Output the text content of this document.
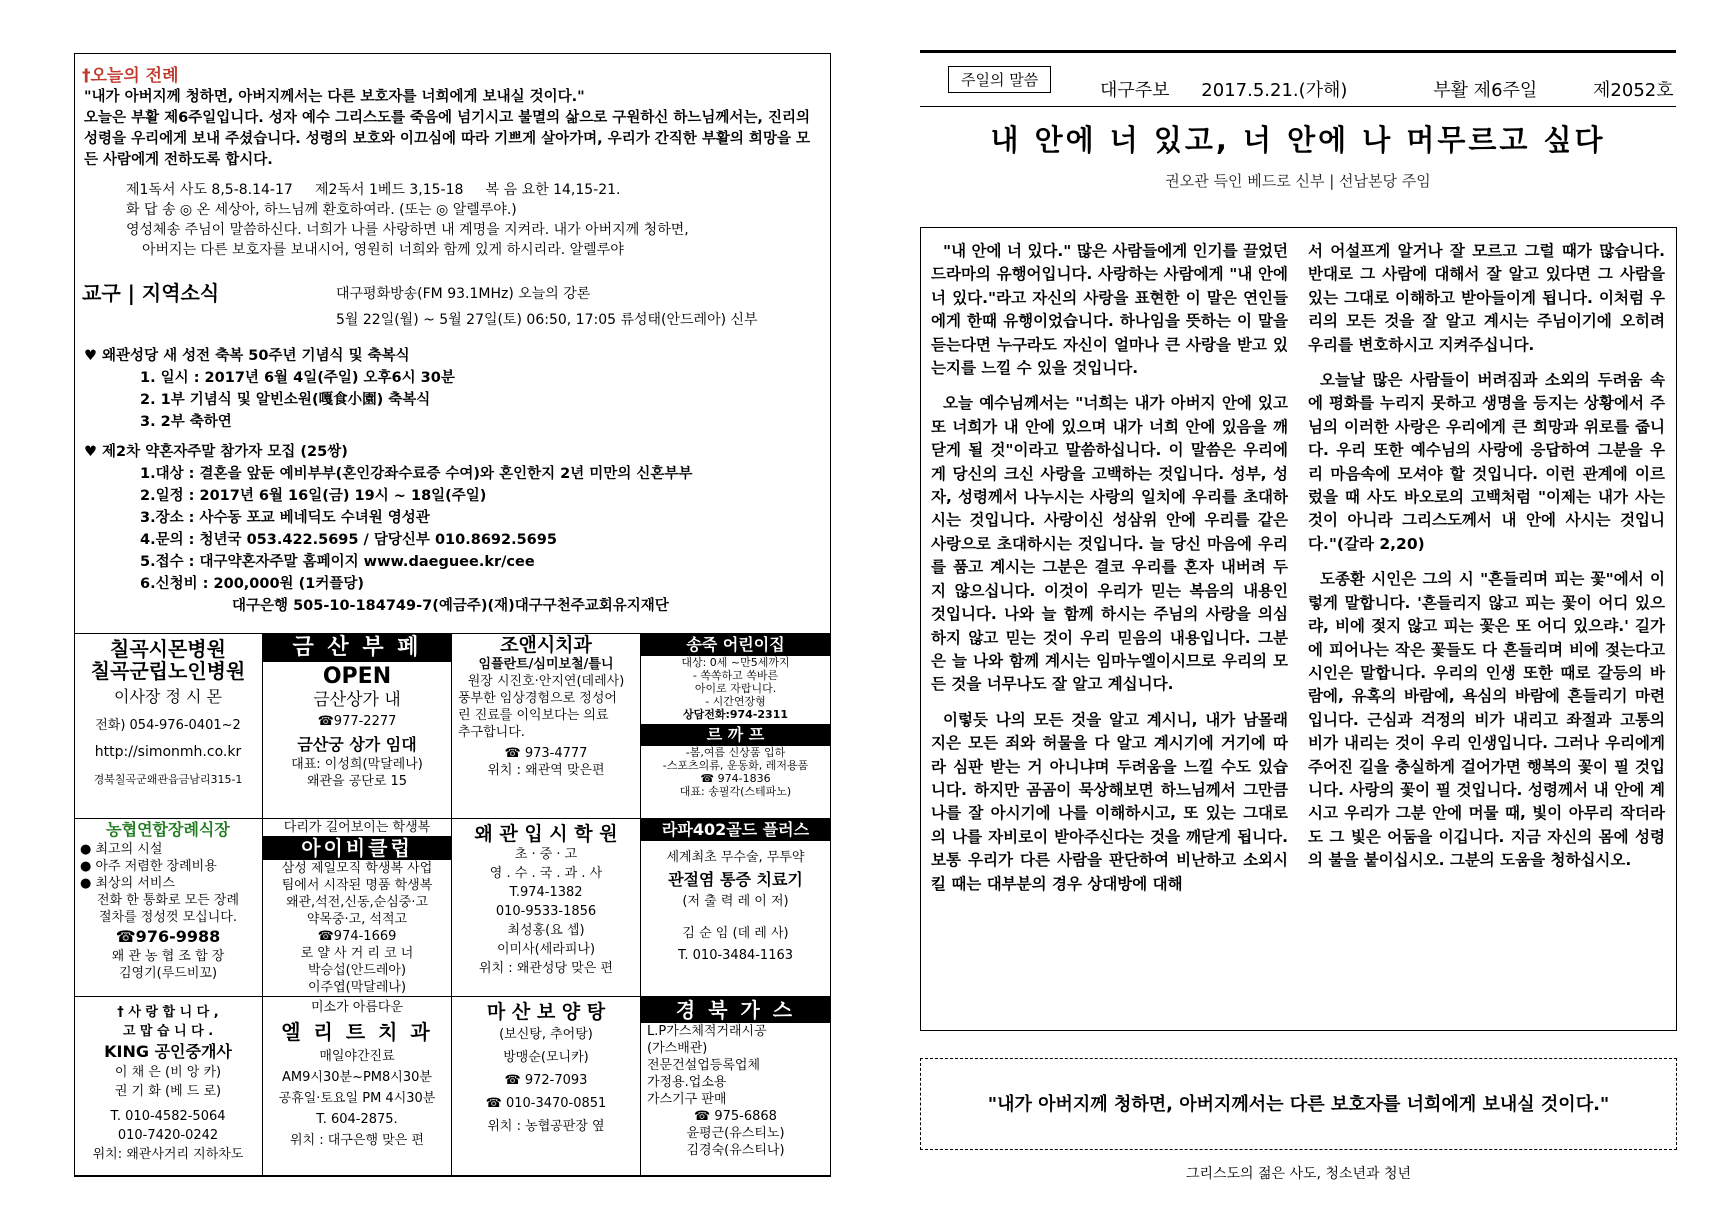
†오늘의 전례
"내가 아버지께 청하면, 아버지께서는 다른 보호자를 너희에게 보내실 것이다."
오늘은 부활 제6주일입니다. 성자 예수 그리스도를 죽음에 넘기시고 불멸의 삶으로 구원하신 하느님께서는, 진리의 성령을 우리에게 보내 주셨습니다. 성령의 보호와 이끄심에 따라 기쁘게 살아가며, 우리가 간직한 부활의 희망을 모든 사람에게 전하도록 합시다.
제1독서 사도 8,5-8.14-17     제2독서 1베드 3,15-18     복 음 요한 14,15-21.
화 답 송 ◎ 온 세상아, 하느님께 환호하여라. (또는 ◎ 알렐루야.)
영성체송 주님이 말씀하신다. 너희가 나를 사랑하면 내 계명을 지켜라. 내가 아버지께 청하면,
아버지는 다른 보호자를 보내시어, 영원히 너희와 함께 있게 하시리라. 알렐루야
교구 | 지역소식	대구평화방송(FM 93.1MHz) 오늘의 강론
5월 22일(월) ~ 5월 27일(토) 06:50, 17:05 류성태(안드레아) 신부
♥ 왜관성당 새 성전 축복 50주년 기념식 및 축복식
1. 일시 : 2017년 6월 4일(주일) 오후6시 30분
2. 1부 기념식 및 알빈소원(嘎食小園) 축복식
3. 2부 축하연
♥ 제2차 약혼자주말 참가자 모집 (25쌍)
1.대상 : 결혼을 앞둔 예비부부(혼인강좌수료증 수여)와 혼인한지 2년 미만의 신혼부부
2.일정 : 2017년 6월 16일(금) 19시 ~ 18일(주일)
3.장소 : 사수동 포교 베네딕도 수녀원 영성관
4.문의 : 청년국 053.422.5695 / 담당신부 010.8692.5695
5.접수 : 대구약혼자주말 홈페이지 www.daeguee.kr/cee
6.신청비 : 200,000원 (1커플당)
대구은행 505-10-184749-7(예금주)(재)대구구천주교회유지재단
칠곡시몬병원
칠곡군립노인병원
이사장 정 시 몬
전화) 054-976-0401~2
http://simonmh.co.kr
경북칠곡군왜관읍금남리315-1
금 산 부 페
OPEN
금산상가 내
☎977-2277
금산궁 상가 임대
대표: 이성희(막달레나)
왜관을 공단로 15
조앤시치과
임플란트/심미보철/틀니
원장 시진호·안지연(데레사)
풍부한 임상경험으로 정성어
린 진료를 이익보다는 의료
추구합니다.
☎ 973-4777
위치 : 왜관역 맞은편
송죽 어린이집
대상: 0세 ~만5세까지
- 쏙쏙하고 쏙바른
아이로 자랍니다.
- 시간연장형
상담전화:974-2311
르 까 프
-봄,여름 신상품 입하
-스포츠의류, 운동화, 레저용품
☎ 974-1836
대표: 송필각(스테파노)
농협연합장례식장
● 최고의 시설
● 아주 저렴한 장례비용
● 최상의 서비스
전화 한 통화로 모든 장례
절차를 정성껏 모십니다.
☎976-9988
왜 관 농 협 조 합 장
김영기(루드비꼬)
다리가 길어보이는 학생복
아이비클럽
삼성 제일모직 학생복 사업
팀에서 시작된 명품 학생복
왜관,석전,신동,순심중·고
약목중·고, 석적고
☎974-1669
로 얄 사 거 리 코 너
박승섭(안드레아)
이주엽(막달레나)
왜 관 입 시 학 원
초 · 중 · 고
영 . 수 . 국 . 과 . 사
T.974-1382
010-9533-1856
최성홍(요 셉)
이미사(세라피나)
위치 : 왜관성당 맞은 편
라파402골드 플러스
세계최초 무수술, 무투약
관절염 통증 치료기
(저 출 력 레 이 저)
김 순 임 (데 레 사)
T. 010-3484-1163
† 사 랑 합 니 다 ,
고 맙 습 니 다 .
KING 공인중개사
이 채 은 (비 앙 카)
권 기 화 (베 드 로)
T. 010-4582-5064
010-7420-0242
위치: 왜관사거리 지하차도
미소가 아름다운
엘 리 트 치 과
매일야간진료
AM9시30분~PM8시30분
공휴일·토요일 PM 4시30분
T. 604-2875.
위치 : 대구은행 맞은 편
마 산 보 양 탕
(보신탕, 추어탕)
방맹순(모니카)
☎ 972-7093
☎ 010-3470-0851
위치 : 농협공판장 옆
경 북 가 스
L.P가스체적거래시공
(가스배관)
전문건설업등록업체
가정용.업소용
가스기구 판매
☎ 975-6868
윤평근(유스티노)
김경숙(유스티나)
주일의 말씀	대구주보 2017.5.21.(가해)	부활 제6주일	제2052호
내 안에 너 있고, 너 안에 나 머무르고 싶다
권오관 득인 베드로 신부 | 선남본당 주임

"내 안에 너 있다." 많은 사람들에게 인기를 끌었던 드라마의 유행어입니다. 사랑하는 사람에게 "내 안에 너 있다."라고 자신의 사랑을 표현한 이 말은 연인들에게 한때 유행이었습니다. 하나임을 뜻하는 이 말을 듣는다면 누구라도 자신이 얼마나 큰 사랑을 받고 있는지를 느낄 수 있을 것입니다.

오늘 예수님께서는 "너희는 내가 아버지 안에 있고 또 너희가 내 안에 있으며 내가 너희 안에 있음을 깨닫게 될 것"이라고 말씀하십니다. 이 말씀은 우리에게 당신의 크신 사랑을 고백하는 것입니다. 성부, 성자, 성령께서 나누시는 사랑의 일치에 우리를 초대하시는 것입니다. 사랑이신 성삼위 안에 우리를 같은 사랑으로 초대하시는 것입니다. 늘 당신 마음에 우리를 품고 계시는 그분은 결코 우리를 혼자 내버려 두지 않으십니다. 이것이 우리가 믿는 복음의 내용인 것입니다. 나와 늘 함께 하시는 주님의 사랑을 의심하지 않고 믿는 것이 우리 믿음의 내용입니다. 그분은 늘 나와 함께 계시는 임마누엘이시므로 우리의 모든 것을 너무나도 잘 알고 계십니다.

이렇듯 나의 모든 것을 알고 계시니, 내가 남몰래 지은 모든 죄와 허물을 다 알고 계시기에 거기에 따라 심판 받는 거 아니냐며 두려움을 느낄 수도 있습니다. 하지만 곰곰이 묵상해보면 하느님께서 그만큼 나를 잘 아시기에 나를 이해하시고, 또 있는 그대로의 나를 자비로이 받아주신다는 것을 깨닫게 됩니다. 보통 우리가 다른 사람을 판단하여 비난하고 소외시킬 때는 대부분의 경우 상대방에 대해

서 어설프게 알거나 잘 모르고 그럴 때가 많습니다. 반대로 그 사람에 대해서 잘 알고 있다면 그 사람을 있는 그대로 이해하고 받아들이게 됩니다. 이처럼 우리의 모든 것을 잘 알고 계시는 주님이기에 오히려 우리를 변호하시고 지켜주십니다.

오늘날 많은 사람들이 버려짐과 소외의 두려움 속에 평화를 누리지 못하고 생명을 등지는 상황에서 주님의 이러한 사랑은 우리에게 큰 희망과 위로를 줍니다. 우리 또한 예수님의 사랑에 응답하여 그분을 우리 마음속에 모셔야 할 것입니다. 이런 관계에 이르렀을 때 사도 바오로의 고백처럼 "이제는 내가 사는 것이 아니라 그리스도께서 내 안에 사시는 것입니다."(갈라 2,20)

도종환 시인은 그의 시 "흔들리며 피는 꽃"에서 이렇게 말합니다. '흔들리지 않고 피는 꽃이 어디 있으랴, 비에 젖지 않고 피는 꽃은 또 어디 있으랴.' 길가에 피어나는 작은 꽃들도 다 흔들리며 비에 젖는다고 시인은 말합니다. 우리의 인생 또한 때로 갈등의 바람에, 유혹의 바람에, 욕심의 바람에 흔들리기 마련입니다. 근심과 걱정의 비가 내리고 좌절과 고통의 비가 내리는 것이 우리 인생입니다. 그러나 우리에게 주어진 길을 충실하게 걸어가면 행복의 꽃이 필 것입니다. 사랑의 꽃이 필 것입니다. 성령께서 내 안에 계시고 우리가 그분 안에 머물 때, 빛이 아무리 작더라도 그 빛은 어둠을 이깁니다. 지금 자신의 몸에 성령의 불을 붙이십시오. 그분의 도움을 청하십시오.

"내가 아버지께 청하면, 아버지께서는 다른 보호자를 너희에게 보내실 것이다."
그리스도의 젊은 사도, 청소년과 청년
